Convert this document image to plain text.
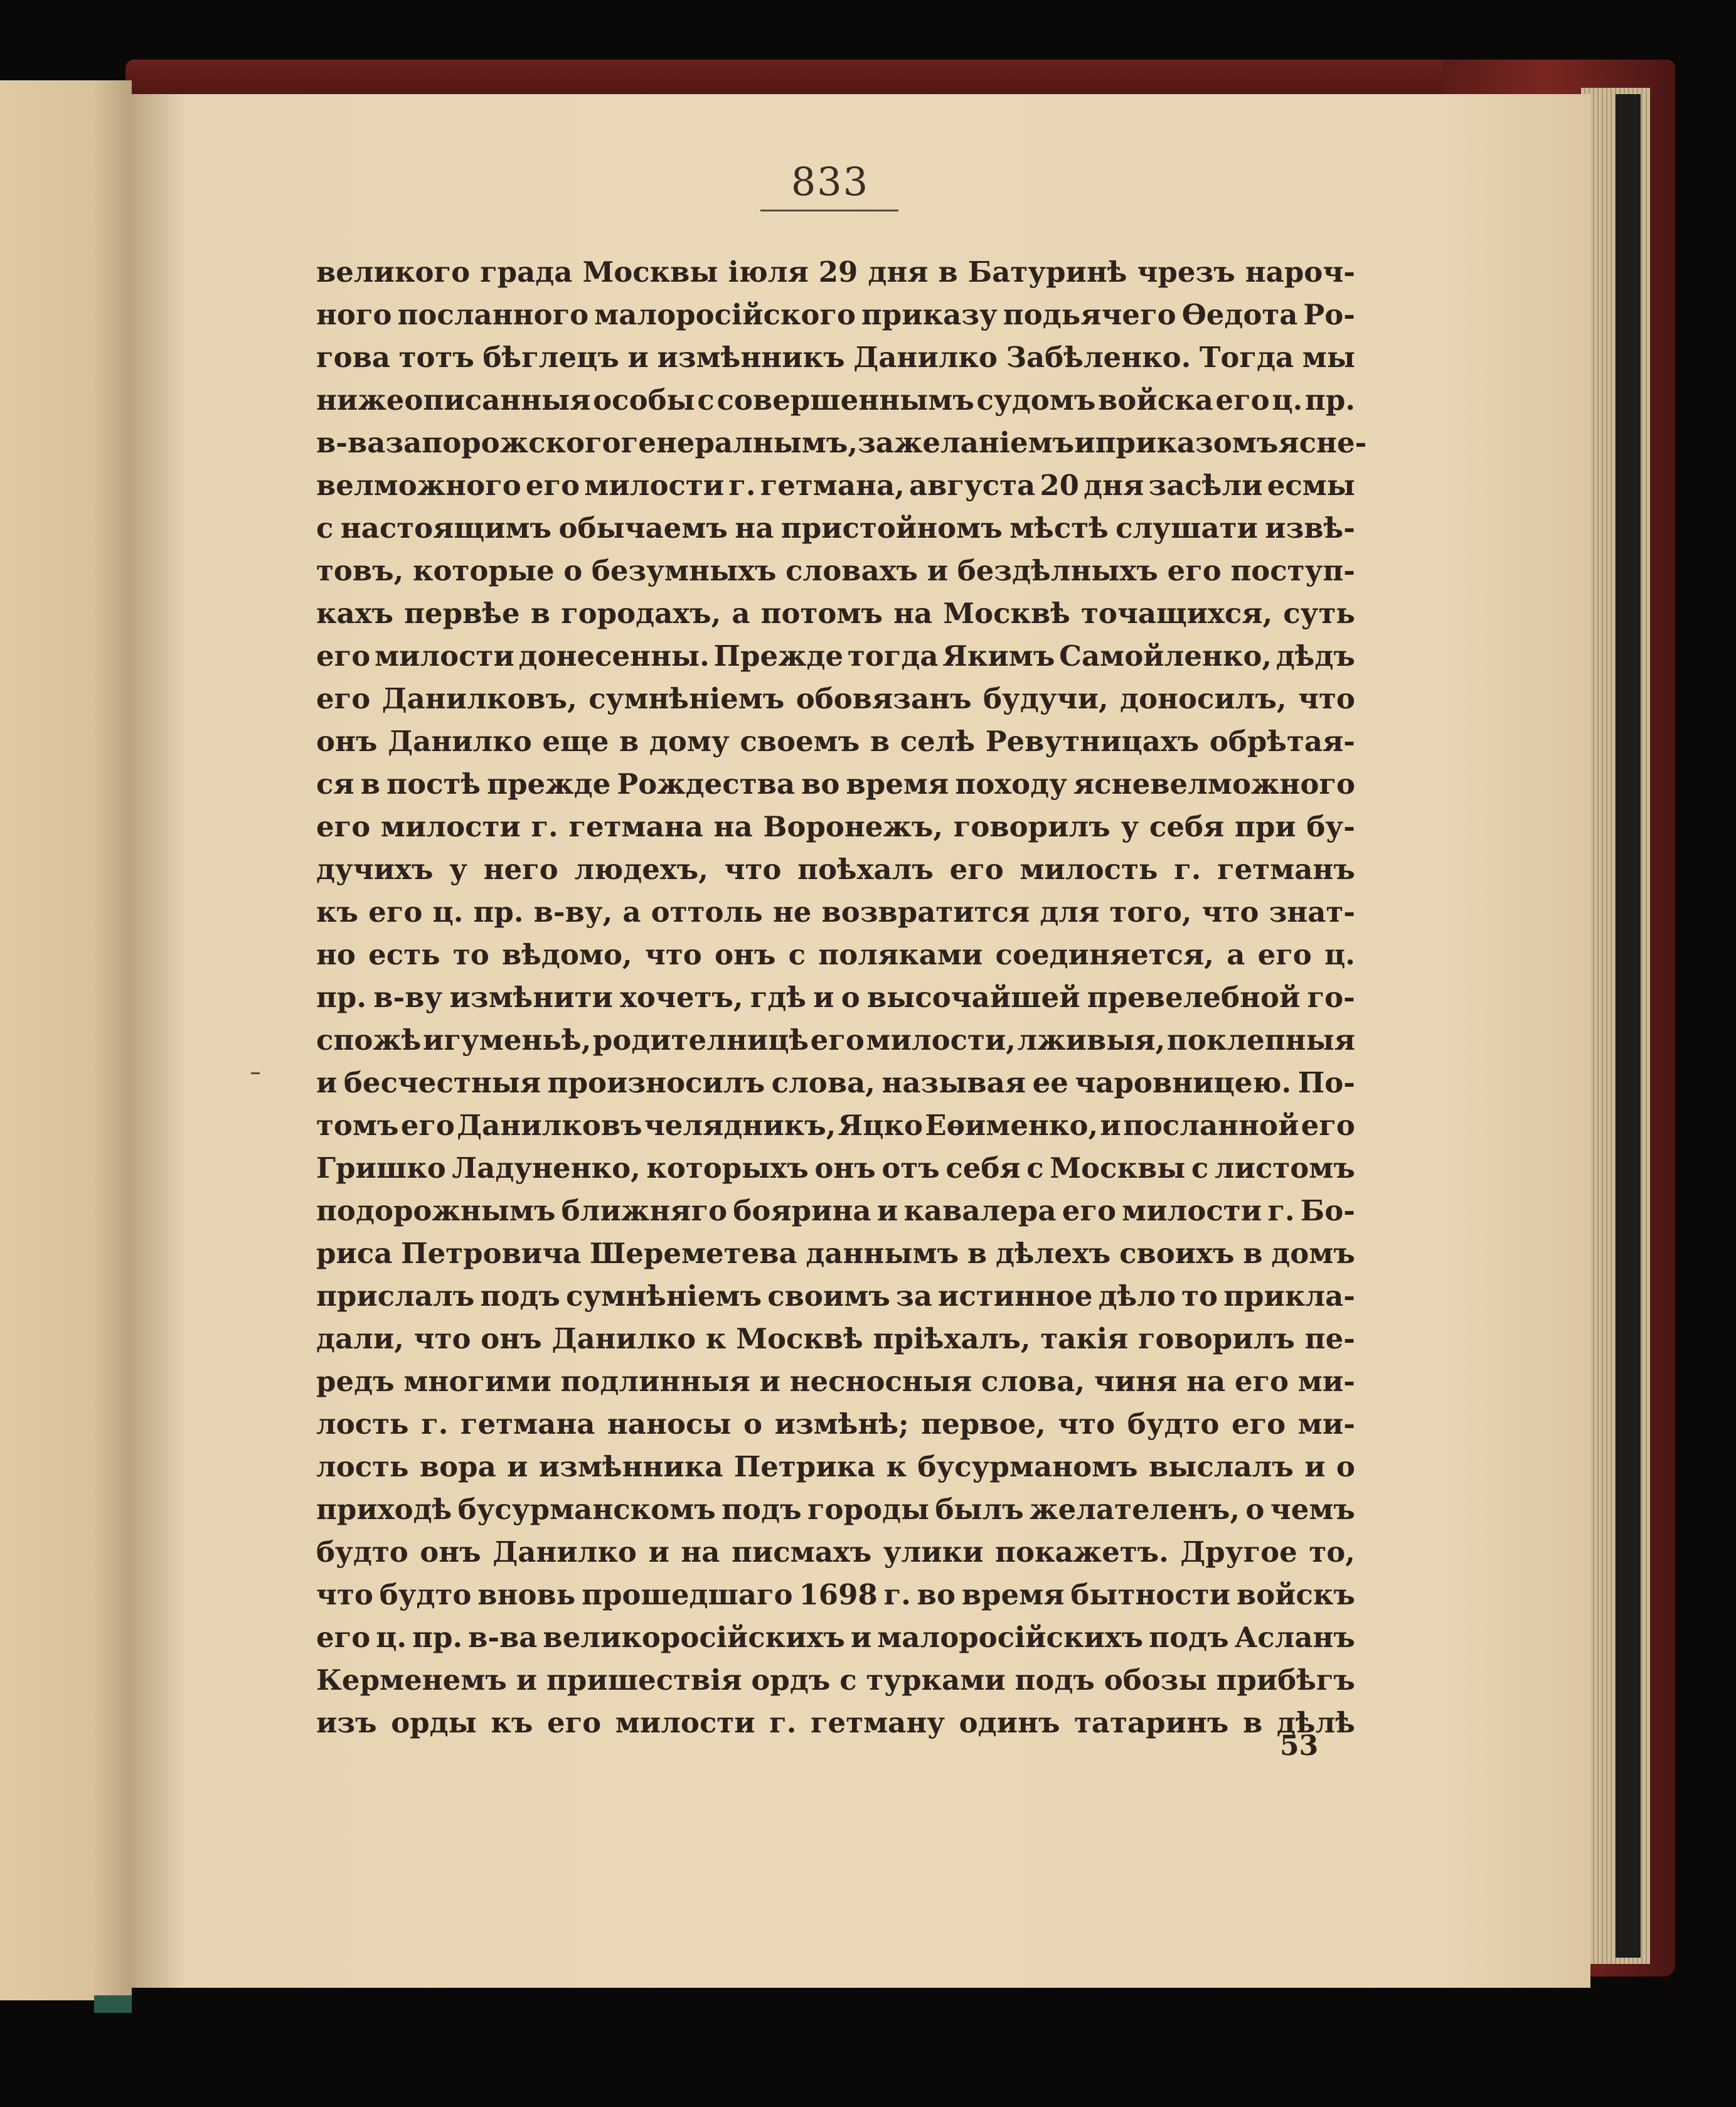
833
великого града Москвы іюля 29 дня в Батуринѣ чрезъ нароч-
ного посланного малоросійского приказу подьячего Ѳедота Ро-
гова тотъ бѣглецъ и измѣнникъ Данилко Забѣленко. Тогда мы
нижеописанныя особы с совершеннымъ судомъ войска его ц. пр.
в-ва запорожского генералнымъ, за желаніемъ и приказомъ ясне-
велможного его милости г. гетмана, августа 20 дня засѣли есмы
с настоящимъ обычаемъ на пристойномъ мѣстѣ слушати извѣ-
товъ, которые о безумныхъ словахъ и бездѣлныхъ его поступ-
кахъ первѣе в городахъ, а потомъ на Москвѣ точащихся, суть
его милости донесенны. Прежде тогда Якимъ Самойленко, дѣдъ
его Данилковъ, сумнѣніемъ обовязанъ будучи, доносилъ, что
онъ Данилко еще в дому своемъ в селѣ Ревутницахъ обрѣтая-
ся в постѣ прежде Рождества во время походу ясневелможного
его милости г. гетмана на Воронежъ, говорилъ у себя при бу-
дучихъ у него людехъ, что поѣхалъ его милость г. гетманъ
къ его ц. пр. в-ву, а оттоль не возвратится для того, что знат-
но есть то вѣдомо, что онъ с поляками соединяется, а его ц.
пр. в-ву измѣнити хочетъ, гдѣ и о высочайшей превелебной го-
спожѣ игуменьѣ, родителницѣ его милости, лживыя, поклепныя
и бесчестныя произносилъ слова, называя ее чаровницею. По-
томъ его Данилковъ челядникъ, Яцко Еѳименко, и посланной его
Гришко Ладуненко, которыхъ онъ отъ себя с Москвы с листомъ
подорожнымъ ближняго боярина и кавалера его милости г. Бо-
риса Петровича Шереметева даннымъ в дѣлехъ своихъ в домъ
прислалъ подъ сумнѣніемъ своимъ за истинное дѣло то прикла-
дали, что онъ Данилко к Москвѣ пріѣхалъ, такія говорилъ пе-
редъ многими подлинныя и несносныя слова, чиня на его ми-
лость г. гетмана наносы о измѣнѣ; первое, что будто его ми-
лость вора и измѣнника Петрика к бусурманомъ выслалъ и о
приходѣ бусурманскомъ подъ городы былъ желателенъ, о чемъ
будто онъ Данилко и на писмахъ улики покажетъ. Другое то,
что будто вновь прошедшаго 1698 г. во время бытности войскъ
его ц. пр. в-ва великоросійскихъ и малоросійскихъ подъ Асланъ
Керменемъ и пришествія ордъ с турками подъ обозы прибѣгъ
изъ орды къ его милости г. гетману одинъ татаринъ в дѣлѣ
53
